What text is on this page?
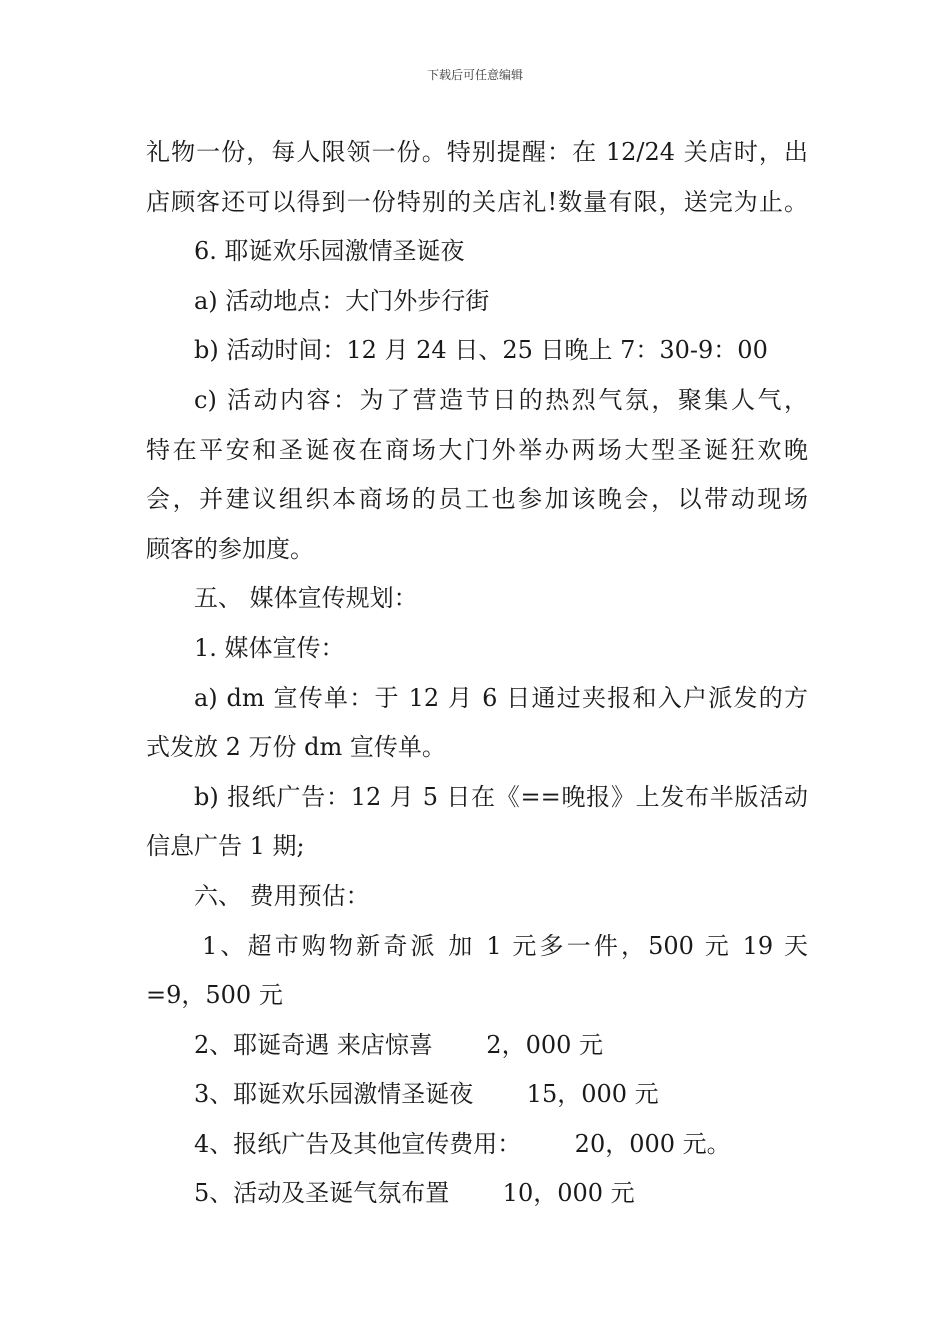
下载后可任意编辑
礼物一份，每人限领一份。特别提醒：在 12/24 关店时，出
店顾客还可以得到一份特别的关店礼!数量有限，送完为止。
6. 耶诞欢乐园激情圣诞夜
a) 活动地点：大门外步行街
b) 活动时间：12 月 24 日、25 日晚上 7：30-9：00
c) 活动内容：为了营造节日的热烈气氛，聚集人气，
特在平安和圣诞夜在商场大门外举办两场大型圣诞狂欢晚
会，并建议组织本商场的员工也参加该晚会，以带动现场
顾客的参加度。
五、 媒体宣传规划：
1. 媒体宣传：
a) dm 宣传单：于 12 月 6 日通过夹报和入户派发的方
式发放 2 万份 dm 宣传单。
b) 报纸广告：12 月 5 日在《==晚报》上发布半版活动
信息广告 1 期;
六、 费用预估：
1、超市购物新奇派 加 1 元多一件，500 元 19 天
=9，500 元
2、耶诞奇遇 来店惊喜       2，000 元
3、耶诞欢乐园激情圣诞夜       15，000 元
4、报纸广告及其他宣传费用：       20，000 元。
5、活动及圣诞气氛布置       10，000 元
